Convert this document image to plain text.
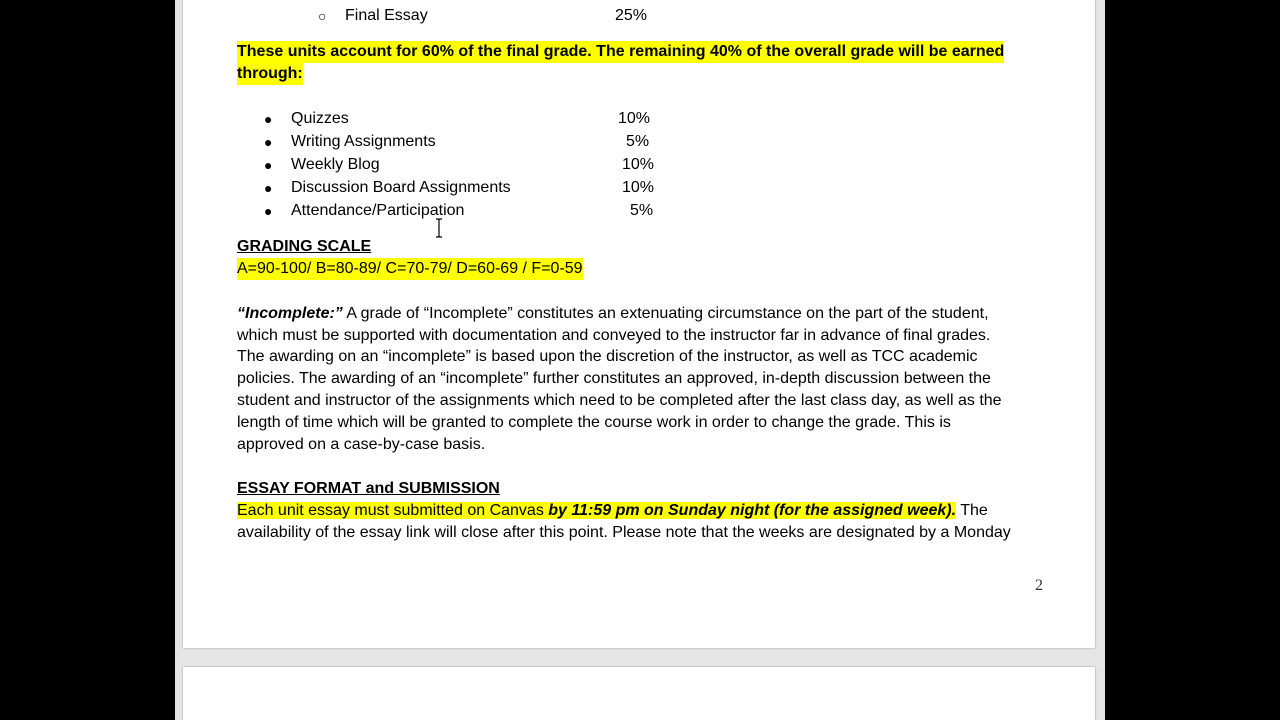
○ Final Essay	25%
These units account for 60% of the final grade. The remaining 40% of the overall grade will be earned
through:
● Quizzes	10%
● Writing Assignments	5%
● Weekly Blog	10%
● Discussion Board Assignments	10%
● Attendance/Participation	5%
GRADING SCALE
A=90-100/ B=80-89/ C=70-79/ D=60-69 / F=0-59
“Incomplete:” A grade of “Incomplete” constitutes an extenuating circumstance on the part of the student,
which must be supported with documentation and conveyed to the instructor far in advance of final grades.
The awarding on an “incomplete” is based upon the discretion of the instructor, as well as TCC academic
policies. The awarding of an “incomplete” further constitutes an approved, in-depth discussion between the
student and instructor of the assignments which need to be completed after the last class day, as well as the
length of time which will be granted to complete the course work in order to change the grade. This is
approved on a case-by-case basis.
ESSAY FORMAT and SUBMISSION
Each unit essay must submitted on Canvas by 11:59 pm on Sunday night (for the assigned week). The
availability of the essay link will close after this point. Please note that the weeks are designated by a Monday
2
